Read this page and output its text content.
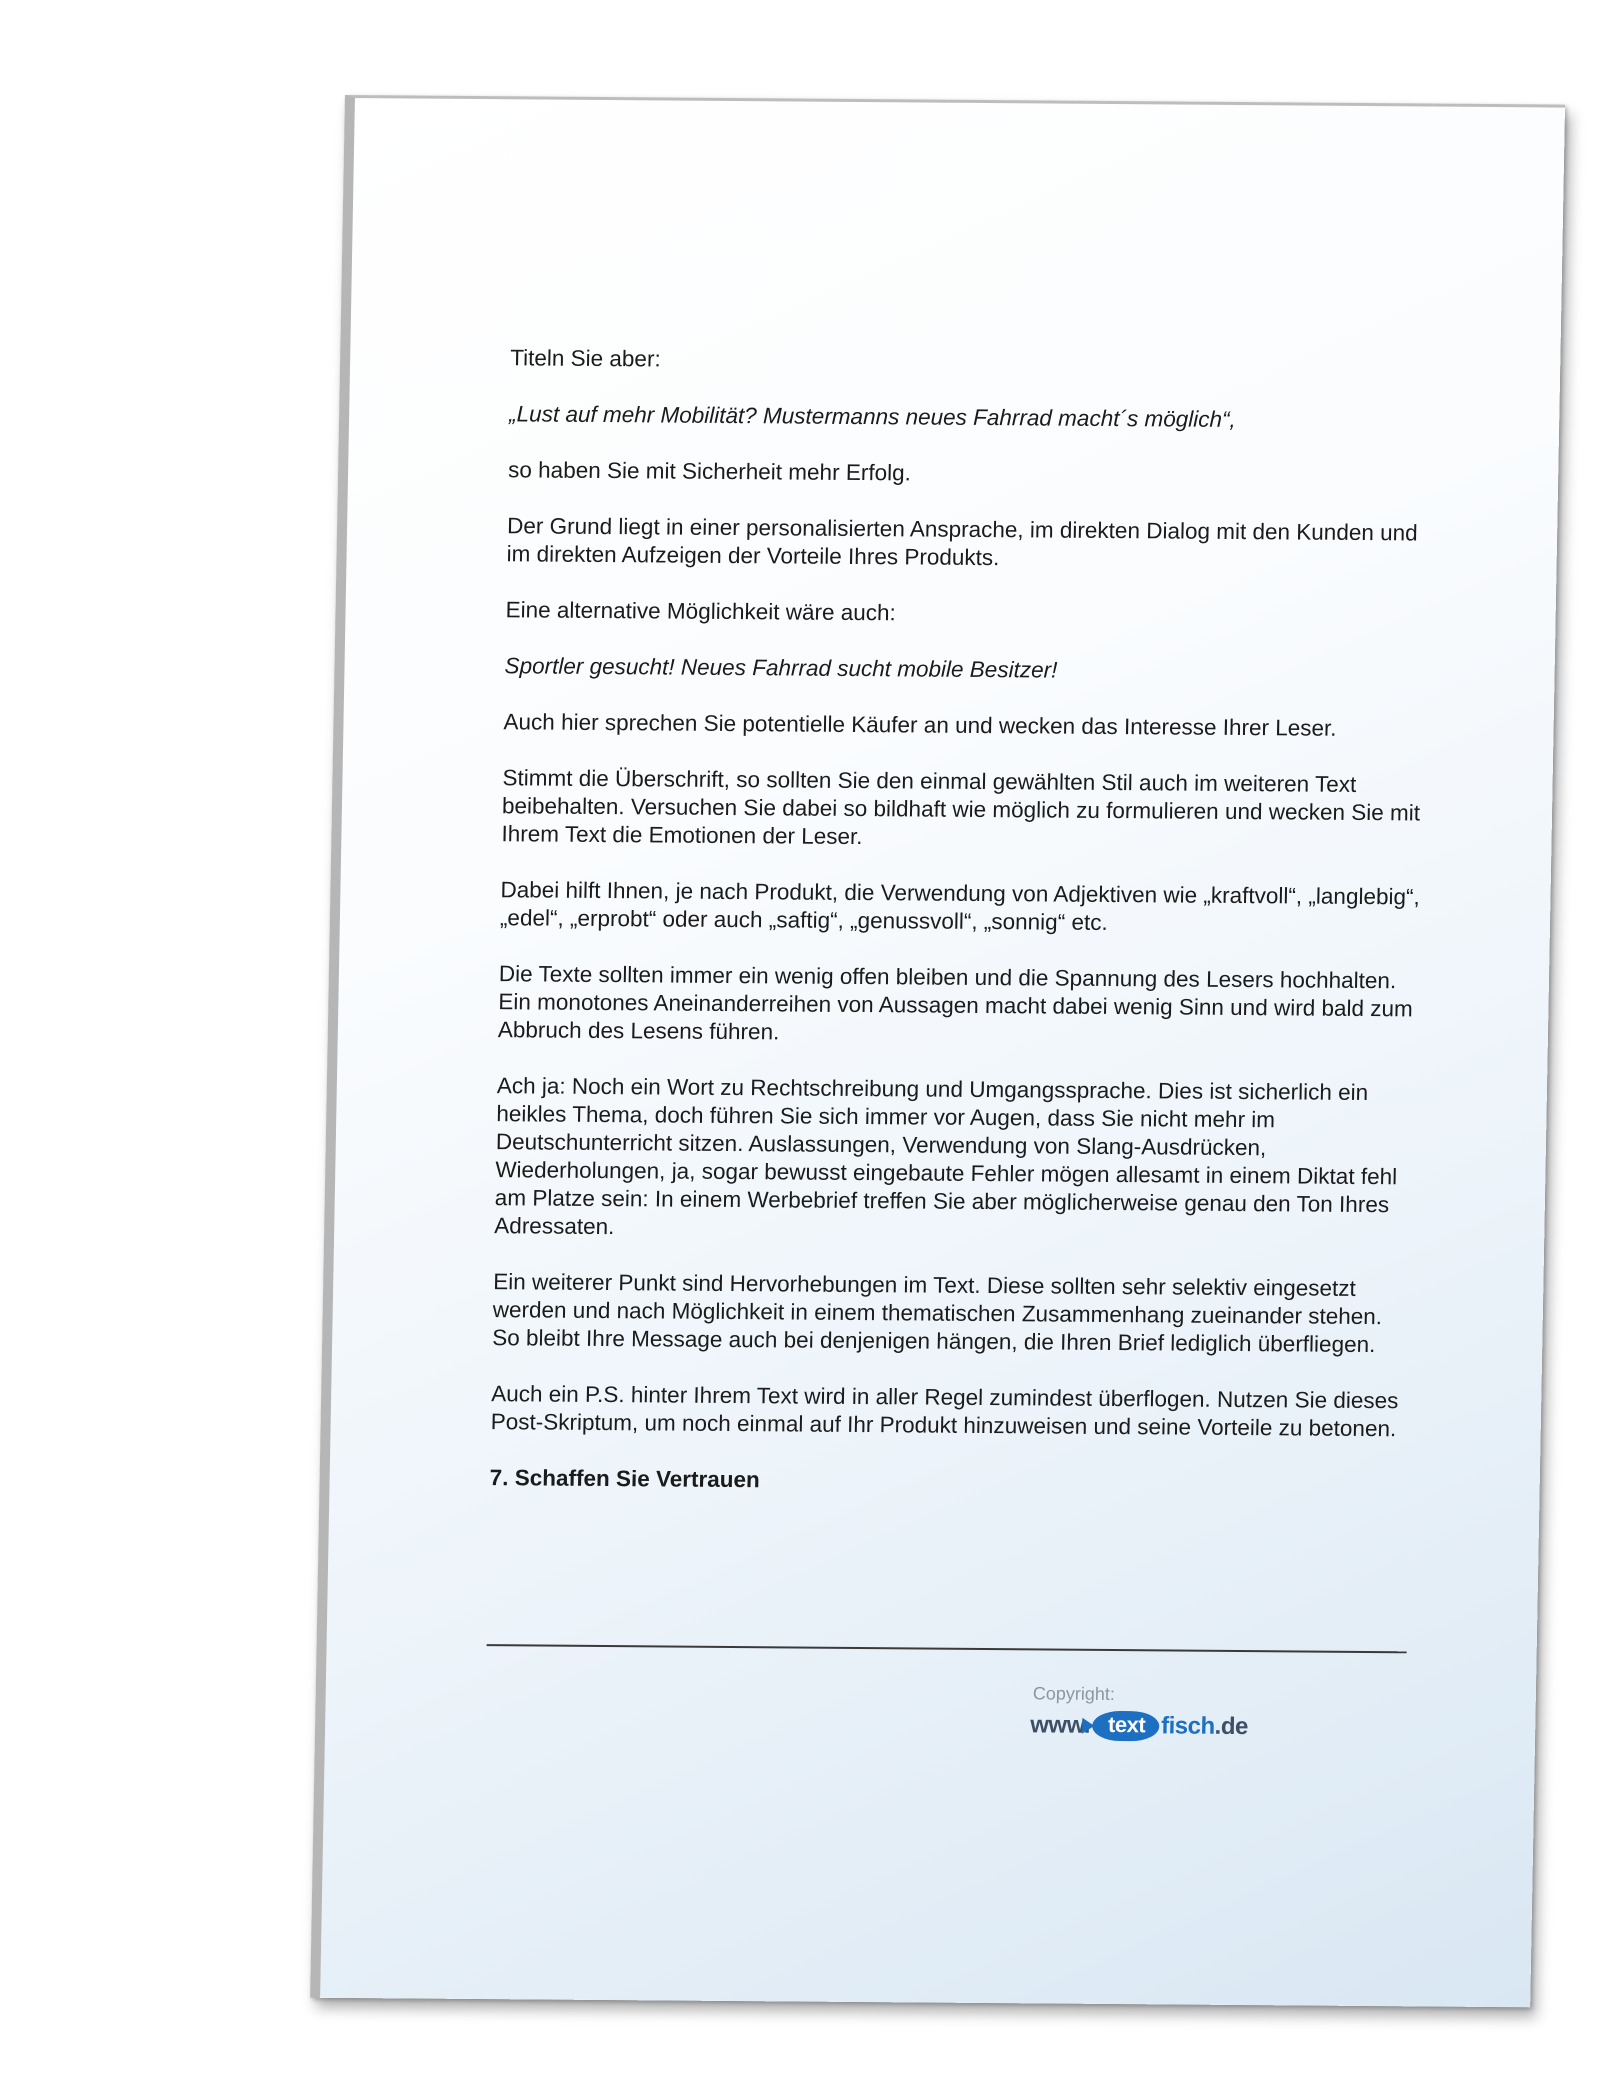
Titeln Sie aber:

„Lust auf mehr Mobilität? Mustermanns neues Fahrrad macht´s möglich“,

so haben Sie mit Sicherheit mehr Erfolg.

Der Grund liegt in einer personalisierten Ansprache, im direkten Dialog mit den Kunden und im direkten Aufzeigen der Vorteile Ihres Produkts.

Eine alternative Möglichkeit wäre auch:

Sportler gesucht! Neues Fahrrad sucht mobile Besitzer!

Auch hier sprechen Sie potentielle Käufer an und wecken das Interesse Ihrer Leser.

Stimmt die Überschrift, so sollten Sie den einmal gewählten Stil auch im weiteren Text beibehalten. Versuchen Sie dabei so bildhaft wie möglich zu formulieren und wecken Sie mit Ihrem Text die Emotionen der Leser.

Dabei hilft Ihnen, je nach Produkt, die Verwendung von Adjektiven wie „kraftvoll“, „langlebig“, „edel“, „erprobt“ oder auch „saftig“, „genussvoll“, „sonnig“ etc.

Die Texte sollten immer ein wenig offen bleiben und die Spannung des Lesers hochhalten. Ein monotones Aneinanderreihen von Aussagen macht dabei wenig Sinn und wird bald zum Abbruch des Lesens führen.

Ach ja: Noch ein Wort zu Rechtschreibung und Umgangssprache. Dies ist sicherlich ein heikles Thema, doch führen Sie sich immer vor Augen, dass Sie nicht mehr im Deutschunterricht sitzen. Auslassungen, Verwendung von Slang-Ausdrücken, Wiederholungen, ja, sogar bewusst eingebaute Fehler mögen allesamt in einem Diktat fehl am Platze sein: In einem Werbebrief treffen Sie aber möglicherweise genau den Ton Ihres Adressaten.

Ein weiterer Punkt sind Hervorhebungen im Text. Diese sollten sehr selektiv eingesetzt werden und nach Möglichkeit in einem thematischen Zusammenhang zueinander stehen. So bleibt Ihre Message auch bei denjenigen hängen, die Ihren Brief lediglich überfliegen.

Auch ein P.S. hinter Ihrem Text wird in aller Regel zumindest überflogen. Nutzen Sie dieses Post-Skriptum, um noch einmal auf Ihr Produkt hinzuweisen und seine Vorteile zu betonen.

7. Schaffen Sie Vertrauen

Copyright:
www. text fisch .de
